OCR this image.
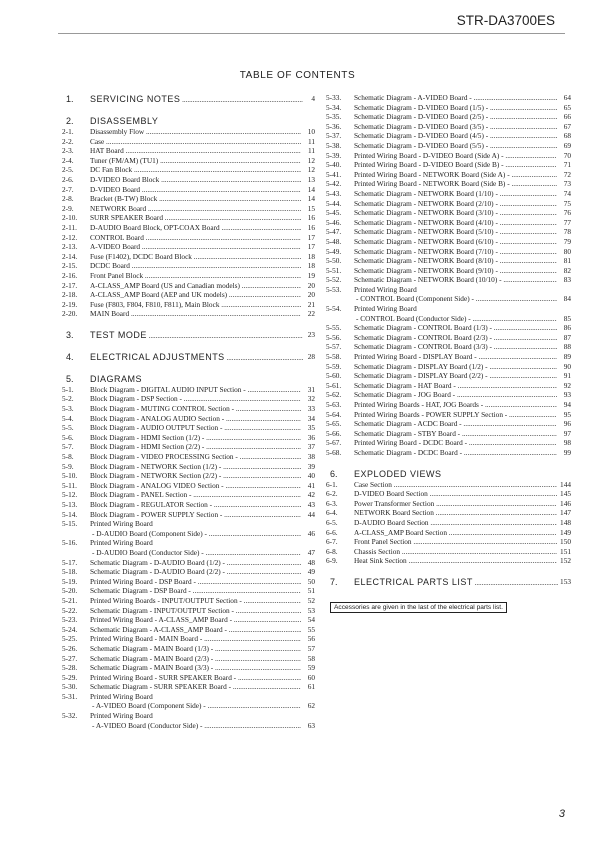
STR-DA3700ES
TABLE OF CONTENTS
1. SERVICING NOTES .....	4
2. DISASSEMBLY
2-1. Disassembly Flow .....	10
2-2. Case .....	11
2-3. HAT Board .....	11
2-4. Tuner (FM/AM) (TU1) .....	12
2-5. DC Fan Block .....	12
2-6. D-VIDEO Board Block .....	13
2-7. D-VIDEO Board .....	14
2-8. Bracket (B-TW) Block .....	14
2-9. NETWORK Board .....	15
2-10. SURR SPEAKER Board .....	16
2-11. D-AUDIO Board Block, OPT-COAX Board .....	16
2-12. CONTROL Board .....	17
2-13. A-VIDEO Board .....	17
2-14. Fuse (F1402), DCDC Board Block .....	18
2-15. DCDC Board .....	18
2-16. Front Panel Block .....	19
2-17. A-CLASS_AMP Board (US and Canadian models) .....	20
2-18. A-CLASS_AMP Board (AEP and UK models) .....	20
2-19. Fuse (F803, F804, F810, F811), Main Block .....	21
2-20. MAIN Board .....	22
3. TEST MODE .....	23
4. ELECTRICAL ADJUSTMENTS .....	28
5. DIAGRAMS
5-1. Block Diagram - DIGITAL AUDIO INPUT Section - .....	31
5-2. Block Diagram - DSP Section - .....	32
5-3. Block Diagram - MUTING CONTROL Section - .....	33
5-4. Block Diagram - ANALOG AUDIO Section - .....	34
5-5. Block Diagram - AUDIO OUTPUT Section - .....	35
5-6. Block Diagram - HDMI Section (1/2) - .....	36
5-7. Block Diagram - HDMI Section (2/2) - .....	37
5-8. Block Diagram - VIDEO PROCESSING Section - .....	38
5-9. Block Diagram - NETWORK Section (1/2) - .....	39
5-10. Block Diagram - NETWORK Section (2/2) - .....	40
5-11. Block Diagram - ANALOG VIDEO Section - .....	41
5-12. Block Diagram - PANEL Section - .....	42
5-13. Block Diagram - REGULATOR Section - .....	43
5-14. Block Diagram - POWER SUPPLY Section - .....	44
5-15. Printed Wiring Board
- D-AUDIO Board (Component Side) - .....	46
5-16. Printed Wiring Board
- D-AUDIO Board (Conductor Side) - .....	47
5-17. Schematic Diagram - D-AUDIO Board (1/2) - .....	48
5-18. Schematic Diagram - D-AUDIO Board (2/2) - .....	49
5-19. Printed Wiring Board - DSP Board - .....	50
5-20. Schematic Diagram - DSP Board - .....	51
5-21. Printed Wiring Boards - INPUT/OUTPUT Section - .....	52
5-22. Schematic Diagram - INPUT/OUTPUT Section - .....	53
5-23. Printed Wiring Board - A-CLASS_AMP Board - .....	54
5-24. Schematic Diagram - A-CLASS_AMP Board - .....	55
5-25. Printed Wiring Board - MAIN Board - .....	56
5-26. Schematic Diagram - MAIN Board (1/3) - .....	57
5-27. Schematic Diagram - MAIN Board (2/3) - .....	58
5-28. Schematic Diagram - MAIN Board (3/3) - .....	59
5-29. Printed Wiring Board - SURR SPEAKER Board - .....	60
5-30. Schematic Diagram - SURR SPEAKER Board - .....	61
5-31. Printed Wiring Board
- A-VIDEO Board (Component Side) - .....	62
5-32. Printed Wiring Board
- A-VIDEO Board (Conductor Side) - .....	63
5-33. Schematic Diagram - A-VIDEO Board - .....	64
5-34. Schematic Diagram - D-VIDEO Board (1/5) - .....	65
5-35. Schematic Diagram - D-VIDEO Board (2/5) - .....	66
5-36. Schematic Diagram - D-VIDEO Board (3/5) - .....	67
5-37. Schematic Diagram - D-VIDEO Board (4/5) - .....	68
5-38. Schematic Diagram - D-VIDEO Board (5/5) - .....	69
5-39. Printed Wiring Board - D-VIDEO Board (Side A) - .....	70
5-40. Printed Wiring Board - D-VIDEO Board (Side B) - .....	71
5-41. Printed Wiring Board - NETWORK Board (Side A) - .....	72
5-42. Printed Wiring Board - NETWORK Board (Side B) - .....	73
5-43. Schematic Diagram - NETWORK Board (1/10) - .....	74
5-44. Schematic Diagram - NETWORK Board (2/10) - .....	75
5-45. Schematic Diagram - NETWORK Board (3/10) - .....	76
5-46. Schematic Diagram - NETWORK Board (4/10) - .....	77
5-47. Schematic Diagram - NETWORK Board (5/10) - .....	78
5-48. Schematic Diagram - NETWORK Board (6/10) - .....	79
5-49. Schematic Diagram - NETWORK Board (7/10) - .....	80
5-50. Schematic Diagram - NETWORK Board (8/10) - .....	81
5-51. Schematic Diagram - NETWORK Board (9/10) - .....	82
5-52. Schematic Diagram - NETWORK Board (10/10) - .....	83
5-53. Printed Wiring Board
- CONTROL Board (Component Side) - .....	84
5-54. Printed Wiring Board
- CONTROL Board (Conductor Side) - .....	85
5-55. Schematic Diagram - CONTROL Board (1/3) - .....	86
5-56. Schematic Diagram - CONTROL Board (2/3) - .....	87
5-57. Schematic Diagram - CONTROL Board (3/3) - .....	88
5-58. Printed Wiring Board - DISPLAY Board - .....	89
5-59. Schematic Diagram - DISPLAY Board (1/2) - .....	90
5-60. Schematic Diagram - DISPLAY Board (2/2) - .....	91
5-61. Schematic Diagram - HAT Board - .....	92
5-62. Schematic Diagram - JOG Board - .....	93
5-63. Printed Wiring Boards - HAT, JOG Boards - .....	94
5-64. Printed Wiring Boards - POWER SUPPLY Section - .....	95
5-65. Schematic Diagram - ACDC Board - .....	96
5-66. Schematic Diagram - STBY Board - .....	97
5-67. Printed Wiring Board - DCDC Board - .....	98
5-68. Schematic Diagram - DCDC Board - .....	99
6. EXPLODED VIEWS
6-1. Case Section .....	144
6-2. D-VIDEO Board Section .....	145
6-3. Power Transformer Section .....	146
6-4. NETWORK Board Section .....	147
6-5. D-AUDIO Board Section .....	148
6-6. A-CLASS_AMP Board Section .....	149
6-7. Front Panel Section .....	150
6-8. Chassis Section .....	151
6-9. Heat Sink Section .....	152
7. ELECTRICAL PARTS LIST .....	153
Accessories are given in the last of the electrical parts list.
3
